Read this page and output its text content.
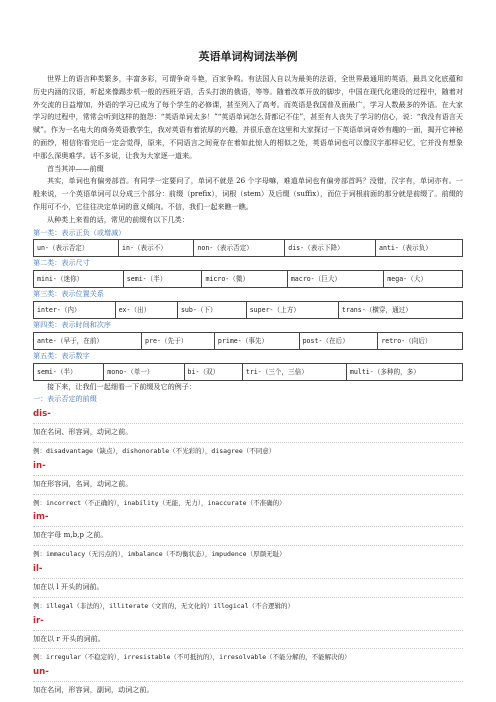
英语单词构词法举例

世界上的语言种类繁多，丰富多彩，可谓争奇斗艳，百家争鸣。有法国人自以为最美的法语，全世界最通用的英语，最具文化底蕴和历史内涵的汉语，听起来像踢步机一般的西班牙语，舌头打滚的俄语，等等。随着改革开放的脚步，中国在现代化建设的过程中，随着对外交流的日益增加，外语的学习已成为了每个学生的必修课，甚至列入了高考。而英语是我国普及面最广，学习人数最多的外语。在大家学习的过程中，常常会听到这样的抱怨：“英语单词太多！”“英语单词怎么背都记不住”，甚至有人丧失了学习的信心，说：“我没有语言天赋”。作为一名电大的商务英语教学生，我对英语有着浓厚的兴趣，并很乐意在这里和大家探讨一下英语单词奇妙有趣的一面，揭开它神秘的面纱，相信你看完后一定会觉得，原来，不同语言之间竟存在着如此惊人的相似之处，英语单词也可以像汉字那样记忆，它并没有想象中那么深奥难学。话不多说，让我为大家逐一道来。

首当其冲——前缀

其实，单词也有偏旁部首。有同学一定要问了，单词不就是 26 个字母嘛，难道单词也有偏旁部首吗？没错，汉字有，单词亦有。一般来说，一个英语单词可以分成三个部分：前缀（prefix），词根（stem）及后缀（suffix），而位于词根前面的那分就是前缀了。前缀的作用可不小，它往往决定单词的意义倾向。不信，我们一起来瞧一瞧。

从种类上来看的话，常见的前缀有以下几类：

第一类：表示正负（或增减）

un-（表示否定）	in-（表示不）	non-（表示否定）	dis-（表示下降）	anti-（表示负）

第二类：表示尺寸

mini-（迷你）	semi-（半）	micro-（微）	macro-（巨大）	mega-（大）

第三类：表示位置关系

inter-（内）	ex-（出）	sub-（下）	super-（上方）	trans-（横穿，通过）

第四类：表示时间和次序

ante-（早于，在前）	pre-（先于）	prime-（事先）	post-（在后）	retro-（向后）

第五类：表示数字

semi-（半）	mono-（单一）	bi-（双）	tri-（三个，三倍）	multi-（多种的，多）

接下来，让我们一起细看一下前缀及它的例子：

一：表示否定的前缀

dis-

加在名词、形容词，动词之前。

例：disadvantage（缺点），dishonorable（不光彩的），disagree（不同意）

in-

加在形容词，名词，动词之前。

例：incorrect（不正确的），inability（无能，无力），inaccurate（不准确的）

im-

加在字母 m,b,p 之前。

例：immaculacy（无污点的），imbalance（不均衡状态），impudence（厚颜无耻）

il-

加在以 l 开头的词前。

例：illegal（非法的），illiterate（文盲的，无文化的）illogical（不合逻辑的）

ir-

加在以 r 开头的词前。

例：irregular（不稳定的），irresistable（不可抵抗的），irresolvable（不能分解的，不能解决的）

un-

加在名词，形容词，副词，动词之前。
